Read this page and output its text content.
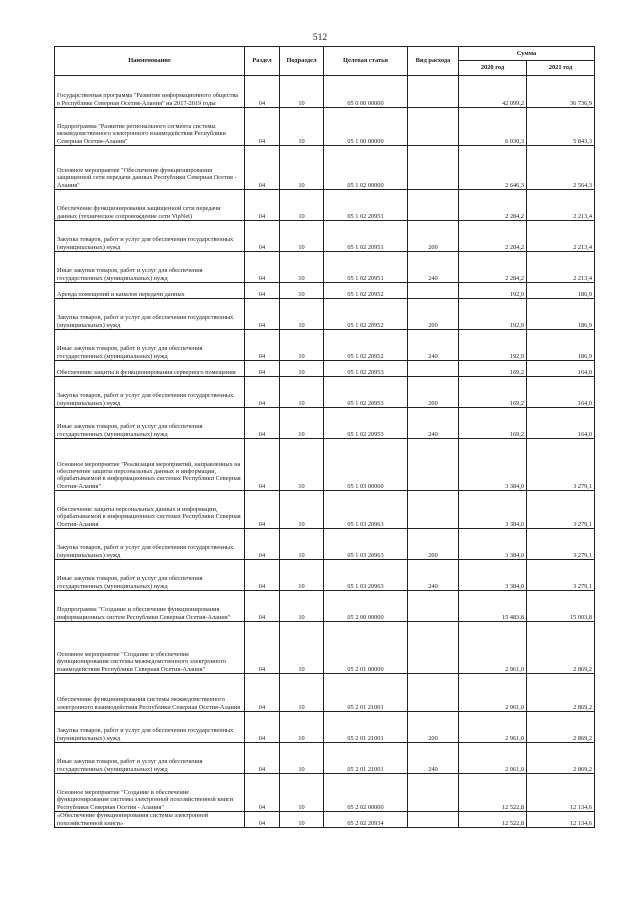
512
Наименование	Раздел	Подраздел	Целевая статья	Вид расхода	Сумма	
					2020 год	2021 год
Государственная программа "Развитие информационного общества в Республике Северная Осетия-Алания" на 2017-2019 годы	04	10	05 0 00 00000		42 099,2	36 736,9
Подпрограмма "Развитие регионального сегмента системы межведомственного электронного взаимодействия Республики Северная Осетия-Алания"	04	10	05 1 00 00000		6 030,3	5 843,3
Основное мероприятие "Обеспечение функционирования защищенной сети передачи данных Республики Северная Осетия - Алания"	04	10	05 1 02 00000		2 646,3	2 564,3
Обеспечение функционирования защищенной сети передачи данных (техническое сопровождение сети VipNet)	04	10	05 1 02 20951		2 284,2	2 213,4
Закупка товаров, работ и услуг для обеспечения государственных (муниципальных) нужд	04	10	05 1 02 20951	200	2 284,2	2 213,4
Иные закупки товаров, работ и услуг для обеспечения государственных (муниципальных) нужд	04	10	05 1 02 20951	240	2 284,2	2 213,4
Аренда помещений и каналов передачи данных	04	10	05 1 02 20952		192,9	186,9
Закупка товаров, работ и услуг для обеспечения государственных (муниципальных) нужд	04	10	05 1 02 20952	200	192,9	186,9
Иные закупки товаров, работ и услуг для обеспечения государственных (муниципальных) нужд	04	10	05 1 02 20952	240	192,9	186,9
Обеспечение защиты и функционирования серверного помещения	04	10	05 1 02 20953		169,2	164,0
Закупка товаров, работ и услуг для обеспечения государственных (муниципальных) нужд	04	10	05 1 02 20953	200	169,2	164,0
Иные закупки товаров, работ и услуг для обеспечения государственных (муниципальных) нужд	04	10	05 1 02 20953	240	169,2	164,0
Основное мероприятие "Реализация мероприятий, направленных на обеспечение защиты персональных данных и информации, обрабатываемой в информационных системах Республики Северная Осетия-Алания"	04	10	05 1 03 00000		3 384,0	3 279,1
Обеспечение защиты персональных данных и информации, обрабатываемой в информационных системах Республики Северная Осетия-Алания	04	10	05 1 03 20963		3 384,0	3 279,1
Закупка товаров, работ и услуг для обеспечения государственных (муниципальных) нужд	04	10	05 1 03 20963	200	3 384,0	3 279,1
Иные закупки товаров, работ и услуг для обеспечения государственных (муниципальных) нужд	04	10	05 1 03 20963	240	3 384,0	3 279,1
Подпрограмма "Создание и обеспечение функционирования информационных систем Республики Северная Осетия-Алания"	04	10	05 2 00 00000		15 483,8	15 003,8
Основное мероприятие "Создание и обеспечение функционирования системы межведомственного электронного взаимодействия Республики Северная Осетия-Алания"	04	10	05 2 01 00000		2 961,0	2 869,2
Обеспечение функционирования системы межведомственного электронного взаимодействия Республики Северная Осетия-Алания	04	10	05 2 01 21001		2 961,0	2 869,2
Закупка товаров, работ и услуг для обеспечения государственных (муниципальных) нужд	04	10	05 2 01 21001	200	2 961,0	2 869,2
Иные закупки товаров, работ и услуг для обеспечения государственных (муниципальных) нужд	04	10	05 2 01 21001	240	2 961,0	2 869,2
Основное мероприятие "Создание и обеспечение функционирования системы электронной похозяйственной книги Республики Северная Осетия - Алания"	04	10	05 2 02 00000		12 522,8	12 134,6
«Обеспечение функционирования системы электронной похозяйственной книги»	04	10	05 2 02 20934		12 522,8	12 134,6
